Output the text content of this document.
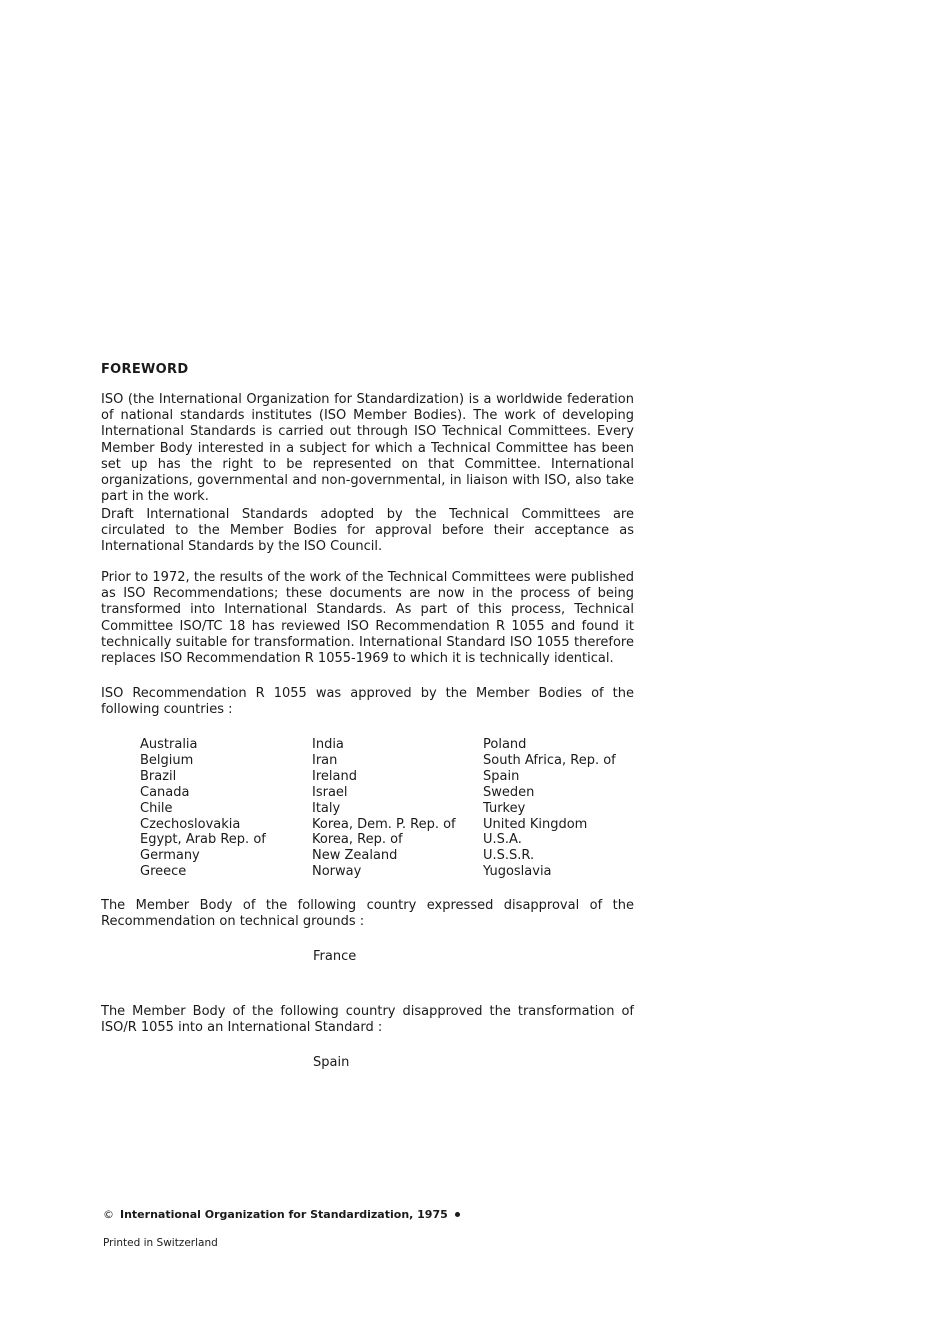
FOREWORD

ISO (the International Organization for Standardization) is a worldwide federation of national standards institutes (ISO Member Bodies). The work of developing International Standards is carried out through ISO Technical Committees. Every Member Body interested in a subject for which a Technical Committee has been set up has the right to be represented on that Committee. International organizations, governmental and non-governmental, in liaison with ISO, also take part in the work.

Draft International Standards adopted by the Technical Committees are circulated to the Member Bodies for approval before their acceptance as International Standards by the ISO Council.

Prior to 1972, the results of the work of the Technical Committees were published as ISO Recommendations; these documents are now in the process of being transformed into International Standards. As part of this process, Technical Committee ISO/TC 18 has reviewed ISO Recommendation R 1055 and found it technically suitable for transformation. International Standard ISO 1055 therefore replaces ISO Recommendation R 1055-1969 to which it is technically identical.

ISO Recommendation R 1055 was approved by the Member Bodies of the following countries :

Australia
Belgium
Brazil
Canada
Chile
Czechoslovakia
Egypt, Arab Rep. of
Germany
Greece
India
Iran
Ireland
Israel
Italy
Korea, Dem. P. Rep. of
Korea, Rep. of
New Zealand
Norway
Poland
South Africa, Rep. of
Spain
Sweden
Turkey
United Kingdom
U.S.A.
U.S.S.R.
Yugoslavia

The Member Body of the following country expressed disapproval of the Recommendation on technical grounds :

France

The Member Body of the following country disapproved the transformation of ISO/R 1055 into an International Standard :

Spain
© International Organization for Standardization, 1975
Printed in Switzerland
